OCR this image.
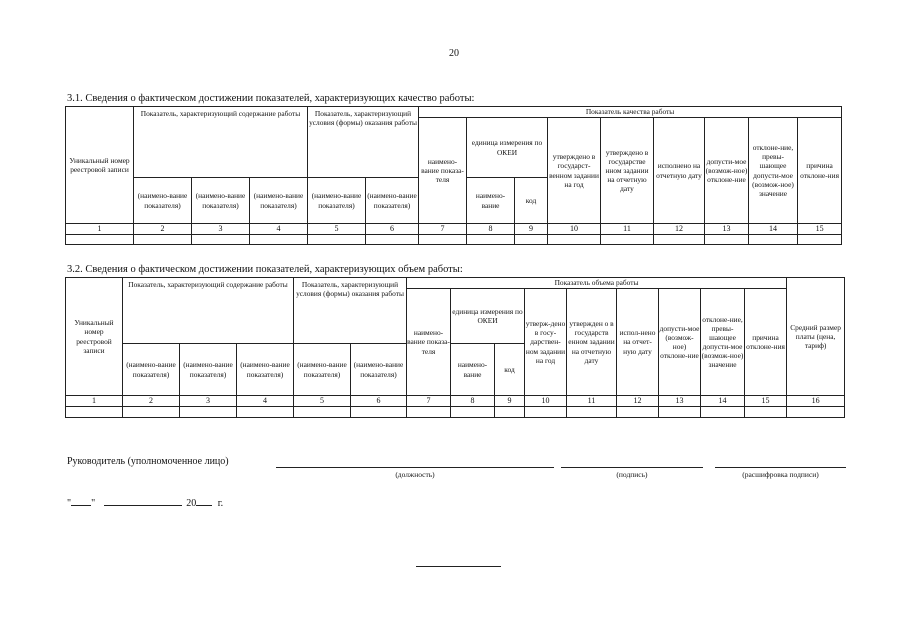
20
3.1. Сведения о фактическом достижении показателей, характеризующих качество работы:
Уникальный номер реестровой записи	Показатель, характеризующий содержание работы			Показатель, характеризующий условия (формы) оказания работы		Показатель качества работы								
						наимено-вание показа-теля	единица измерения по ОКЕИ		утверждено в государст-венном задании на год	утверждено в государстве нном задании на отчетную дату	исполнено на отчетную дату	допусти-мое (возмож-ное) отклоне-ние	отклоне-ние, превы-шающее допусти-мое (возмож-ное) значение	причина отклоне-ния
	(наимено-вание показателя)	(наимено-вание показателя)	(наимено-вание показателя)	(наимено-вание показателя)	(наимено-вание показателя)		наимено-вание	код						
1	2	3	4	5	6	7	8	9	10	11	12	13	14	15

3.2. Сведения о фактическом достижении показателей, характеризующих объем работы:
Уникальный номер реестровой записи	Показатель, характеризующий содержание работы			Показатель, характеризующий условия (формы) оказания работы		Показатель объема работы									Средний размер платы (цена, тариф)
						наимено-вание показа-теля	единица измерения по ОКЕИ		утверж-дено в госу-дарствен-ном задании на год	утвержден о в государств енном задании на отчетную дату	испол-нено на отчет-ную дату	допусти-мое (возмож-ное) отклоне-ние	отклоне-ние, превы-шающее допусти-мое (возмож-ное) значение	причина отклоне-ния	
	(наимено-вание показателя)	(наимено-вание показателя)	(наимено-вание показателя)	(наимено-вание показателя)	(наимено-вание показателя)		наимено-вание	код							
1	2	3	4	5	6	7	8	9	10	11	12	13	14	15	16

Руководитель (уполномоченное лицо)
(должность)	(подпись)	(расшифровка подписи)
" "	20 г.
